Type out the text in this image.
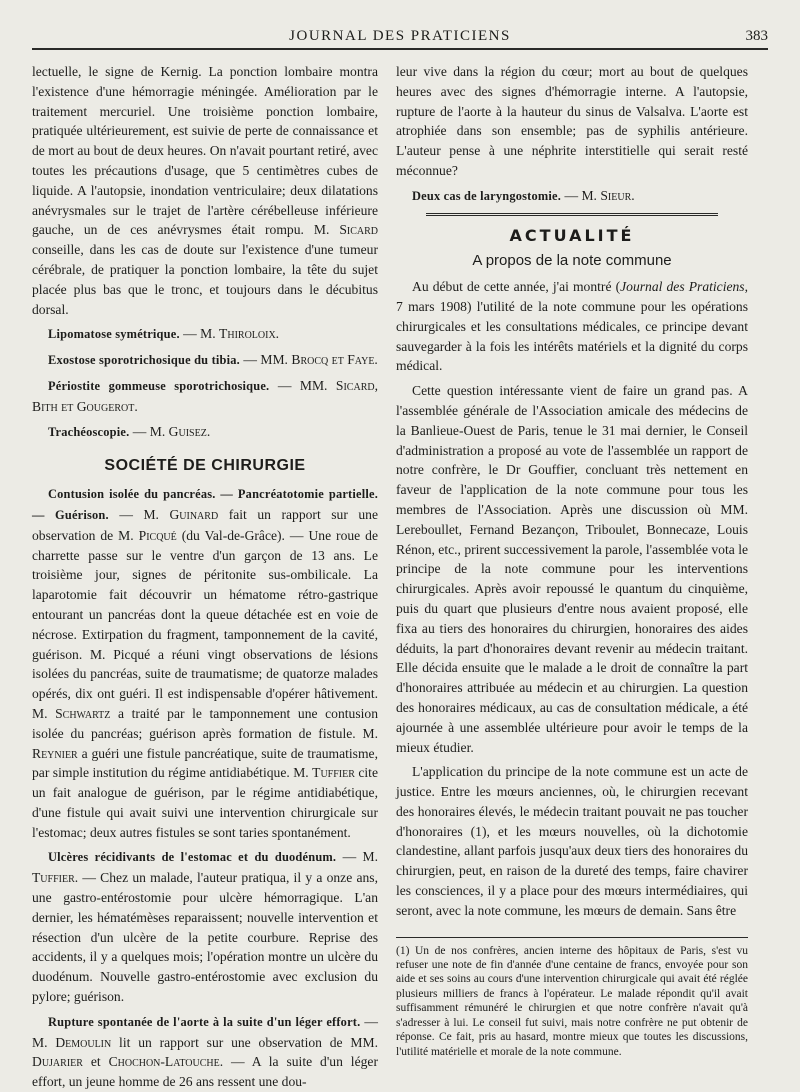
JOURNAL DES PRATICIENS	383

lectuelle, le signe de Kernig. La ponction lombaire montra l'existence d'une hémorragie méningée. Amélioration par le traitement mercuriel. Une troisième ponction lombaire, pratiquée ultérieurement, est suivie de perte de connaissance et de mort au bout de deux heures. On n'avait pourtant retiré, avec toutes les précautions d'usage, que 5 centimètres cubes de liquide. A l'autopsie, inondation ventriculaire; deux dilatations anévrysmales sur le trajet de l'artère cérébelleuse inférieure gauche, un de ces anévrysmes était rompu. M. Sicard conseille, dans les cas de doute sur l'existence d'une tumeur cérébrale, de pratiquer la ponction lombaire, la tête du sujet placée plus bas que le tronc, et toujours dans le décubitus dorsal.

Lipomatose symétrique. — M. Thiroloix.

Exostose sporotrichosique du tibia. — MM. Brocq et Faye.

Périostite gommeuse sporotrichosique. — MM. Sicard, Bith et Gougerot.

Trachéoscopie. — M. Guisez.

SOCIÉTÉ DE CHIRURGIE

Contusion isolée du pancréas. — Pancréatotomie partielle. — Guérison. — M. Guinard fait un rapport sur une observation de M. Picqué (du Val-de-Grâce). — Une roue de charrette passe sur le ventre d'un garçon de 13 ans. Le troisième jour, signes de péritonite sus-ombilicale. La laparotomie fait découvrir un hématome rétro-gastrique entourant un pancréas dont la queue détachée est en voie de nécrose. Extirpation du fragment, tamponnement de la cavité, guérison. M. Picqué a réuni vingt observations de lésions isolées du pancréas, suite de traumatisme; de quatorze malades opérés, dix ont guéri. Il est indispensable d'opérer hâtivement. M. Schwartz a traité par le tamponnement une contusion isolée du pancréas; guérison après formation de fistule. M. Reynier a guéri une fistule pancréatique, suite de traumatisme, par simple institution du régime antidiabétique. M. Tuffier cite un fait analogue de guérison, par le régime antidiabétique, d'une fistule qui avait suivi une intervention chirurgicale sur l'estomac; deux autres fistules se sont taries spontanément.

Ulcères récidivants de l'estomac et du duodénum. — M. Tuffier. — Chez un malade, l'auteur pratiqua, il y a onze ans, une gastro-entérostomie pour ulcère hémorragique. L'an dernier, les hématémèses reparaissent; nouvelle intervention et résection d'un ulcère de la petite courbure. Reprise des accidents, il y a quelques mois; l'opération montre un ulcère du duodénum. Nouvelle gastro-entérostomie avec exclusion du pylore; guérison.

Rupture spontanée de l'aorte à la suite d'un léger effort. — M. Demoulin lit un rapport sur une observation de MM. Dujarier et Chochon-Latouche. — A la suite d'un léger effort, un jeune homme de 26 ans ressent une dou-

leur vive dans la région du cœur; mort au bout de quelques heures avec des signes d'hémorragie interne. A l'autopsie, rupture de l'aorte à la hauteur du sinus de Valsalva. L'aorte est atrophiée dans son ensemble; pas de syphilis antérieure. L'auteur pense à une néphrite interstitielle qui serait resté méconnue?

Deux cas de laryngostomie. — M. Sieur.

ACTUALITÉ
A propos de la note commune

Au début de cette année, j'ai montré (Journal des Praticiens, 7 mars 1908) l'utilité de la note commune pour les opérations chirurgicales et les consultations médicales, ce principe devant sauvegarder à la fois les intérêts matériels et la dignité du corps médical.

Cette question intéressante vient de faire un grand pas. A l'assemblée générale de l'Association amicale des médecins de la Banlieue-Ouest de Paris, tenue le 31 mai dernier, le Conseil d'administration a proposé au vote de l'assemblée un rapport de notre confrère, le Dr Gouffier, concluant très nettement en faveur de l'application de la note commune pour tous les membres de l'Association. Après une discussion où MM. Lereboullet, Fernand Bezançon, Triboulet, Bonnecaze, Louis Rénon, etc., prirent successivement la parole, l'assemblée vota le principe de la note commune pour les interventions chirurgicales. Après avoir repoussé le quantum du cinquième, puis du quart que plusieurs d'entre nous avaient proposé, elle fixa au tiers des honoraires du chirurgien, honoraires des aides déduits, la part d'honoraires devant revenir au médecin traitant. Elle décida ensuite que le malade a le droit de connaître la part d'honoraires attribuée au médecin et au chirurgien. La question des honoraires médicaux, au cas de consultation médicale, a été ajournée à une assemblée ultérieure pour avoir le temps de la mieux étudier.

L'application du principe de la note commune est un acte de justice. Entre les mœurs anciennes, où, le chirurgien recevant des honoraires élevés, le médecin traitant pouvait ne pas toucher d'honoraires (1), et les mœurs nouvelles, où la dichotomie clandestine, allant parfois jusqu'aux deux tiers des honoraires du chirurgien, peut, en raison de la dureté des temps, faire chavirer les consciences, il y a place pour des mœurs intermédiaires, qui seront, avec la note commune, les mœurs de demain. Sans être

(1) Un de nos confrères, ancien interne des hôpitaux de Paris, s'est vu refuser une note de fin d'année d'une centaine de francs, envoyée pour son aide et ses soins au cours d'une intervention chirurgicale qui avait été réglée plusieurs milliers de francs à l'opérateur. Le malade répondit qu'il avait suffisamment rémunéré le chirurgien et que notre confrère n'avait qu'à s'adresser à lui. Le conseil fut suivi, mais notre confrère ne put obtenir de réponse. Ce fait, pris au hasard, montre mieux que toutes les discussions, l'utilité matérielle et morale de la note commune.
